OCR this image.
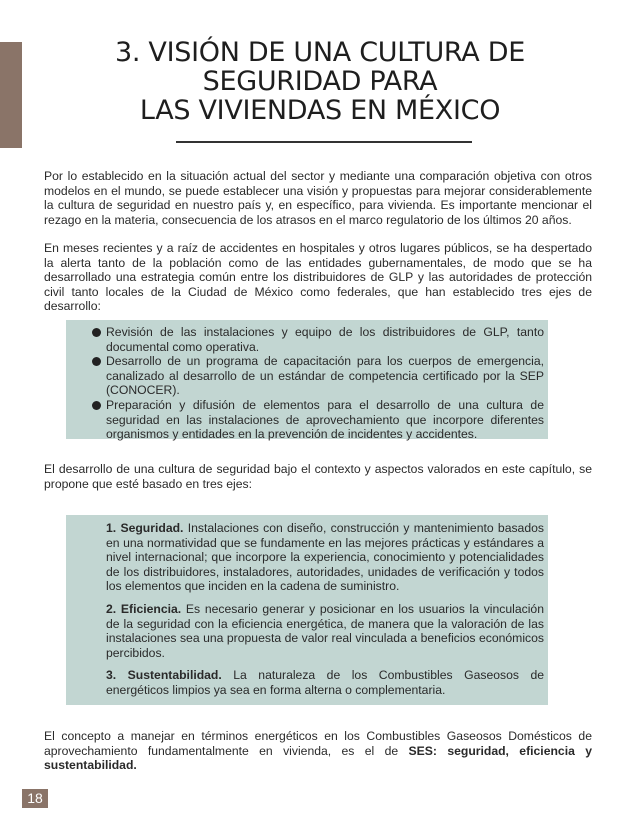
3. VISIÓN DE UNA CULTURA DE
SEGURIDAD PARA
LAS VIVIENDAS EN MÉXICO

Por lo establecido en la situación actual del sector y mediante una comparación objetiva con otros modelos en el mundo, se puede establecer una visión y propuestas para mejorar considerablemente la cultura de seguridad en nuestro país y, en específico, para vivienda. Es importante mencionar el rezago en la materia, consecuencia de los atrasos en el marco regulatorio de los últimos 20 años.

En meses recientes y a raíz de accidentes en hospitales y otros lugares públicos, se ha despertado la alerta tanto de la población como de las entidades gubernamentales, de modo que se ha desarrollado una estrategia común entre los distribuidores de GLP y las autoridades de protección civil tanto locales de la Ciudad de México como federales, que han establecido tres ejes de desarrollo:

Revisión de las instalaciones y equipo de los distribuidores de GLP, tanto documental como operativa.
Desarrollo de un programa de capacitación para los cuerpos de emergencia, canalizado al desarrollo de un estándar de competencia certificado por la SEP (CONOCER).
Preparación y difusión de elementos para el desarrollo de una cultura de seguridad en las instalaciones de aprovechamiento que incorpore diferentes organismos y entidades en la prevención de incidentes y accidentes.

El desarrollo de una cultura de seguridad bajo el contexto y aspectos valorados en este capítulo, se propone que esté basado en tres ejes:

1. Seguridad. Instalaciones con diseño, construcción y mantenimiento basados en una normatividad que se fundamente en las mejores prácticas y estándares a nivel internacional; que incorpore la experiencia, conocimiento y potencialidades de los distribuidores, instaladores, autoridades, unidades de verificación y todos los elementos que inciden en la cadena de suministro.

2. Eficiencia. Es necesario generar y posicionar en los usuarios la vinculación de la seguridad con la eficiencia energética, de manera que la valoración de las instalaciones sea una propuesta de valor real vinculada a beneficios económicos percibidos.

3. Sustentabilidad. La naturaleza de los Combustibles Gaseosos de energéticos limpios ya sea en forma alterna o complementaria.

El concepto a manejar en términos energéticos en los Combustibles Gaseosos Domésticos de aprovechamiento fundamentalmente en vivienda, es el de SES: seguridad, eficiencia y sustentabilidad.

18
